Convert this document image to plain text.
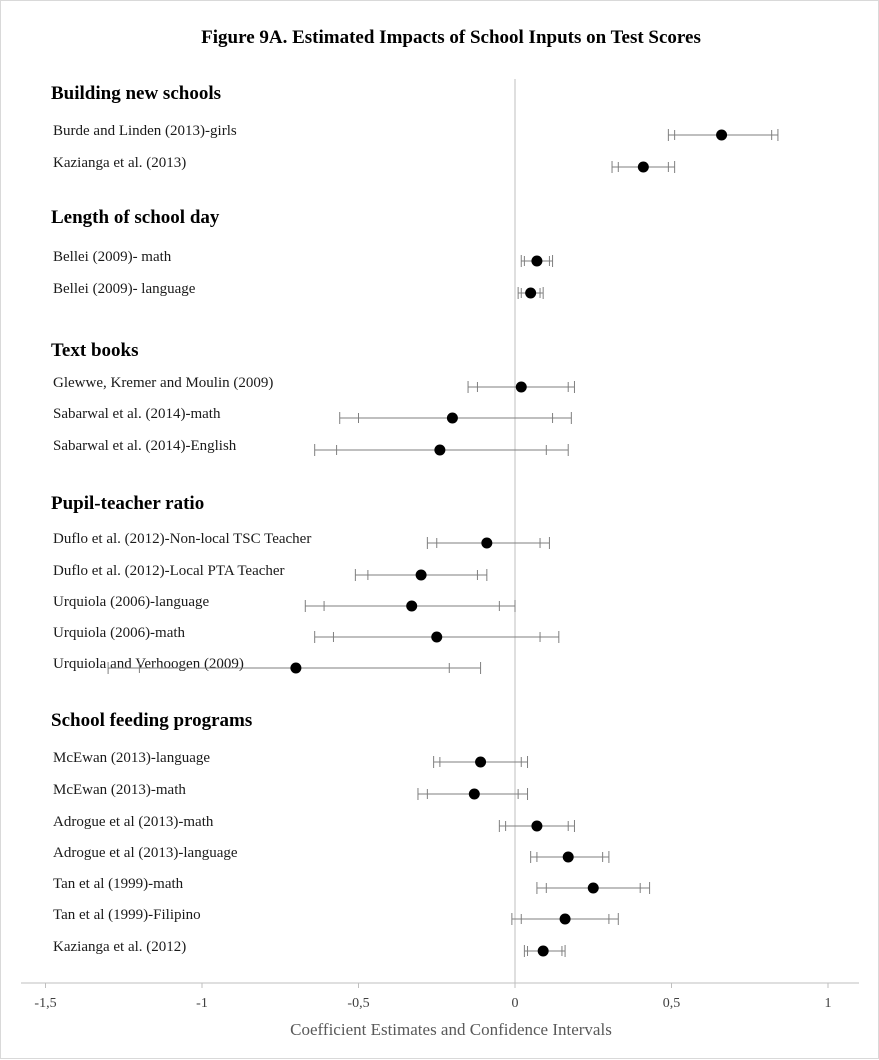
Figure 9A. Estimated Impacts of School Inputs on Test Scores
-1,5	-1	-0,5	0	0,5	1
Building new schools
Burde and Linden (2013)-girls
Kazianga et al. (2013)
Length of school day
Bellei (2009)- math
Bellei (2009)- language
Text books
Glewwe, Kremer and Moulin (2009)
Sabarwal et al. (2014)-math
Sabarwal et al. (2014)-English
Pupil-teacher ratio
Duflo et al. (2012)-Non-local TSC Teacher
Duflo et al. (2012)-Local PTA Teacher
Urquiola (2006)-language
Urquiola (2006)-math
Urquiola and Verhoogen (2009)
School feeding programs
McEwan (2013)-language
McEwan (2013)-math
Adrogue et al (2013)-math
Adrogue et al (2013)-language
Tan et al (1999)-math
Tan et al (1999)-Filipino
Kazianga et al. (2012)
Coefficient Estimates and Confidence Intervals
